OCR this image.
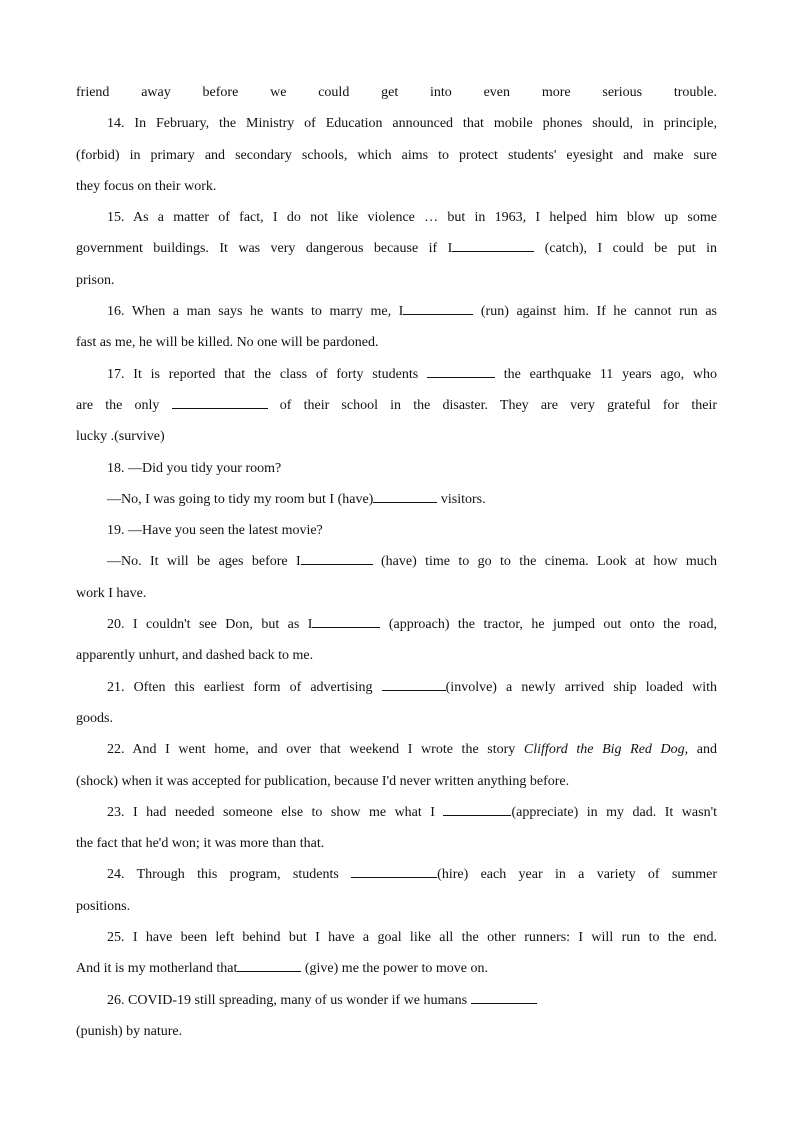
friend away before we could get into even more serious trouble.
14. In February, the Ministry of Education announced that mobile phones should, in principle,
(forbid) in primary and secondary schools, which aims to protect students' eyesight and make sure
they focus on their work.
15. As a matter of fact, I do not like violence … but in 1963, I helped him blow up some
government buildings. It was very dangerous because if I	(catch), I could be put in
prison.
16. When a man says he wants to marry me, I	(run) against him. If he cannot run as
fast as me, he will be killed. No one will be pardoned.
17. It is reported that the class of forty students	the earthquake 11 years ago, who
are the only	of their school in the disaster. They are very grateful for their
lucky .(survive)
18. —Did you tidy your room?
—No, I was going to tidy my room but I (have)	visitors.
19. —Have you seen the latest movie?
—No. It will be ages before I	(have) time to go to the cinema. Look at how much
work I have.
20. I couldn't see Don, but as I	(approach) the tractor, he jumped out onto the road,
apparently unhurt, and dashed back to me.
21. Often this earliest form of advertising	(involve) a newly arrived ship loaded with
goods.
22. And I went home, and over that weekend I wrote the story Clifford the Big Red Dog, and
(shock) when it was accepted for publication, because I'd never written anything before.
23. I had needed someone else to show me what I	(appreciate) in my dad. It wasn't
the fact that he'd won; it was more than that.
24. Through this program, students	(hire) each year in a variety of summer
positions.
25. I have been left behind but I have a goal like all the other runners: I will run to the end.
And it is my motherland that	(give) me the power to move on.
26. COVID-19 still spreading, many of us wonder if we humans
(punish) by nature.
